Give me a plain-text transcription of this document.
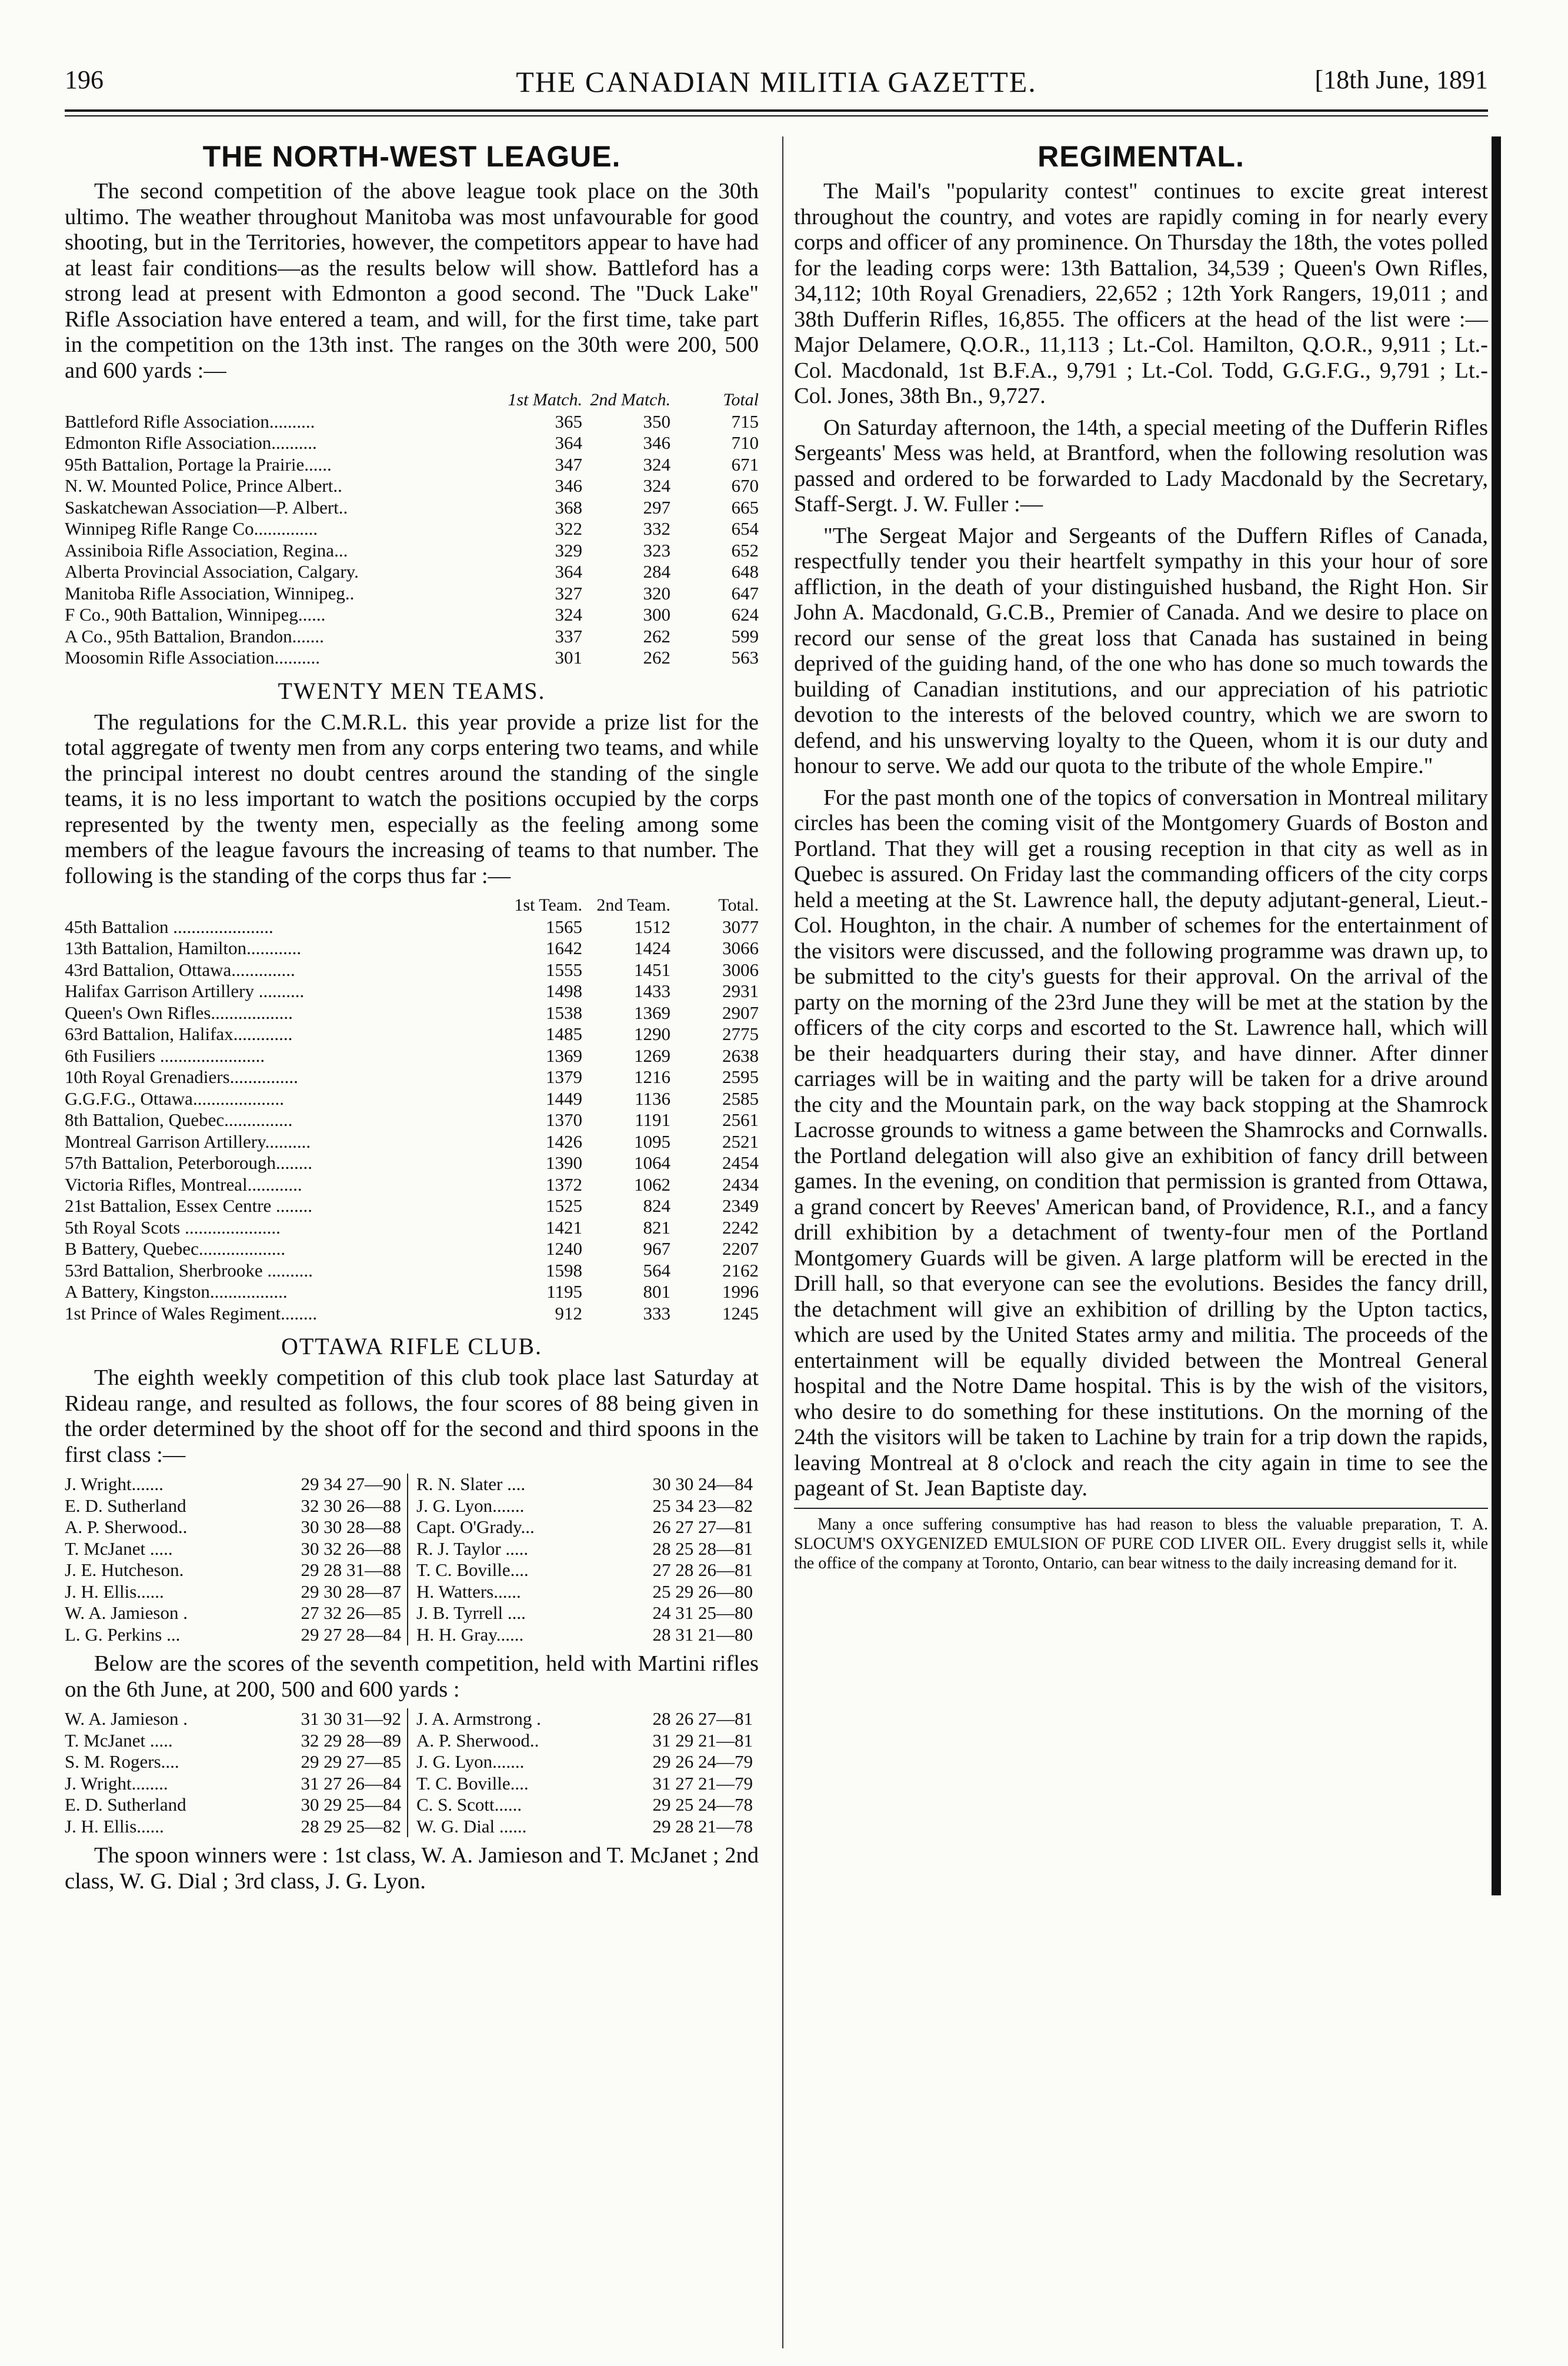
196	THE CANADIAN MILITIA GAZETTE.	[18th June, 1891
THE NORTH-WEST LEAGUE.

The second competition of the above league took place on the 30th ultimo. The weather throughout Manitoba was most unfavourable for good shooting, but in the Territories, however, the competitors appear to have had at least fair conditions—as the results below will show. Battleford has a strong lead at present with Edmonton a good second. The "Duck Lake" Rifle Association have entered a team, and will, for the first time, take part in the competition on the 13th inst. The ranges on the 30th were 200, 500 and 600 yards :—

	1st Match.	2nd Match.	Total
Battleford Rifle Association..........	365	350	715
Edmonton Rifle Association..........	364	346	710
95th Battalion, Portage la Prairie......	347	324	671
N. W. Mounted Police, Prince Albert..	346	324	670
Saskatchewan Association—P. Albert..	368	297	665
Winnipeg Rifle Range Co..............	322	332	654
Assiniboia Rifle Association, Regina...	329	323	652
Alberta Provincial Association, Calgary.	364	284	648
Manitoba Rifle Association, Winnipeg..	327	320	647
F Co., 90th Battalion, Winnipeg......	324	300	624
A Co., 95th Battalion, Brandon.......	337	262	599
Moosomin Rifle Association..........	301	262	563
TWENTY MEN TEAMS.

The regulations for the C.M.R.L. this year provide a prize list for the total aggregate of twenty men from any corps entering two teams, and while the principal interest no doubt centres around the standing of the single teams, it is no less important to watch the positions occupied by the corps represented by the twenty men, especially as the feeling among some members of the league favours the increasing of teams to that number. The following is the standing of the corps thus far :—

	1st Team.	2nd Team.	Total.
45th Battalion ......................	1565	1512	3077
13th Battalion, Hamilton............	1642	1424	3066
43rd Battalion, Ottawa..............	1555	1451	3006
Halifax Garrison Artillery ..........	1498	1433	2931
Queen's Own Rifles..................	1538	1369	2907
63rd Battalion, Halifax.............	1485	1290	2775
6th Fusiliers .......................	1369	1269	2638
10th Royal Grenadiers...............	1379	1216	2595
G.G.F.G., Ottawa....................	1449	1136	2585
8th Battalion, Quebec...............	1370	1191	2561
Montreal Garrison Artillery..........	1426	1095	2521
57th Battalion, Peterborough........	1390	1064	2454
Victoria Rifles, Montreal............	1372	1062	2434
21st Battalion, Essex Centre ........	1525	824	2349
5th Royal Scots .....................	1421	821	2242
B Battery, Quebec...................	1240	967	2207
53rd Battalion, Sherbrooke ..........	1598	564	2162
A Battery, Kingston.................	1195	801	1996
1st Prince of Wales Regiment........	912	333	1245
OTTAWA RIFLE CLUB.

The eighth weekly competition of this club took place last Saturday at Rideau range, and resulted as follows, the four scores of 88 being given in the order determined by the shoot off for the second and third spoons in the first class :—

J. Wright.......	29 34 27—90
E. D. Sutherland	32 30 26—88
A. P. Sherwood..	30 30 28—88
T. McJanet .....	30 32 26—88
J. E. Hutcheson.	29 28 31—88
J. H. Ellis......	29 30 28—87
W. A. Jamieson .	27 32 26—85
L. G. Perkins ...	29 27 28—84
R. N. Slater ....	30 30 24—84
J. G. Lyon.......	25 34 23—82
Capt. O'Grady...	26 27 27—81
R. J. Taylor .....	28 25 28—81
T. C. Boville....	27 28 26—81
H. Watters......	25 29 26—80
J. B. Tyrrell ....	24 31 25—80
H. H. Gray......	28 31 21—80

Below are the scores of the seventh competition, held with Martini rifles on the 6th June, at 200, 500 and 600 yards :

W. A. Jamieson .	31 30 31—92
T. McJanet .....	32 29 28—89
S. M. Rogers....	29 29 27—85
J. Wright........	31 27 26—84
E. D. Sutherland	30 29 25—84
J. H. Ellis......	28 29 25—82
J. A. Armstrong .	28 26 27—81
A. P. Sherwood..	31 29 21—81
J. G. Lyon.......	29 26 24—79
T. C. Boville....	31 27 21—79
C. S. Scott......	29 25 24—78
W. G. Dial ......	29 28 21—78

The spoon winners were : 1st class, W. A. Jamieson and T. McJanet ; 2nd class, W. G. Dial ; 3rd class, J. G. Lyon.

REGIMENTAL.

The Mail's "popularity contest" continues to excite great interest throughout the country, and votes are rapidly coming in for nearly every corps and officer of any prominence. On Thursday the 18th, the votes polled for the leading corps were: 13th Battalion, 34,539 ; Queen's Own Rifles, 34,112; 10th Royal Grenadiers, 22,652 ; 12th York Rangers, 19,011 ; and 38th Dufferin Rifles, 16,855. The officers at the head of the list were :—Major Delamere, Q.O.R., 11,113 ; Lt.-Col. Hamilton, Q.O.R., 9,911 ; Lt.-Col. Macdonald, 1st B.F.A., 9,791 ; Lt.-Col. Todd, G.G.F.G., 9,791 ; Lt.-Col. Jones, 38th Bn., 9,727.

On Saturday afternoon, the 14th, a special meeting of the Dufferin Rifles Sergeants' Mess was held, at Brantford, when the following resolution was passed and ordered to be forwarded to Lady Macdonald by the Secretary, Staff-Sergt. J. W. Fuller :—

"The Sergeat Major and Sergeants of the Duffern Rifles of Canada, respectfully tender you their heartfelt sympathy in this your hour of sore affliction, in the death of your distinguished husband, the Right Hon. Sir John A. Macdonald, G.C.B., Premier of Canada. And we desire to place on record our sense of the great loss that Canada has sustained in being deprived of the guiding hand, of the one who has done so much towards the building of Canadian institutions, and our appreciation of his patriotic devotion to the interests of the beloved country, which we are sworn to defend, and his unswerving loyalty to the Queen, whom it is our duty and honour to serve. We add our quota to the tribute of the whole Empire."

For the past month one of the topics of conversation in Montreal military circles has been the coming visit of the Montgomery Guards of Boston and Portland. That they will get a rousing reception in that city as well as in Quebec is assured. On Friday last the commanding officers of the city corps held a meeting at the St. Lawrence hall, the deputy adjutant-general, Lieut.-Col. Houghton, in the chair. A number of schemes for the entertainment of the visitors were discussed, and the following programme was drawn up, to be submitted to the city's guests for their approval. On the arrival of the party on the morning of the 23rd June they will be met at the station by the officers of the city corps and escorted to the St. Lawrence hall, which will be their headquarters during their stay, and have dinner. After dinner carriages will be in waiting and the party will be taken for a drive around the city and the Mountain park, on the way back stopping at the Shamrock Lacrosse grounds to witness a game between the Shamrocks and Cornwalls. the Portland delegation will also give an exhibition of fancy drill between games. In the evening, on condition that permission is granted from Ottawa, a grand concert by Reeves' American band, of Providence, R.I., and a fancy drill exhibition by a detachment of twenty-four men of the Portland Montgomery Guards will be given. A large platform will be erected in the Drill hall, so that everyone can see the evolutions. Besides the fancy drill, the detachment will give an exhibition of drilling by the Upton tactics, which are used by the United States army and militia. The proceeds of the entertainment will be equally divided between the Montreal General hospital and the Notre Dame hospital. This is by the wish of the visitors, who desire to do something for these institutions. On the morning of the 24th the visitors will be taken to Lachine by train for a trip down the rapids, leaving Montreal at 8 o'clock and reach the city again in time to see the pageant of St. Jean Baptiste day.

Many a once suffering consumptive has had reason to bless the valuable preparation, T. A. SLOCUM'S OXYGENIZED EMULSION OF PURE COD LIVER OIL. Every druggist sells it, while the office of the company at Toronto, Ontario, can bear witness to the daily increasing demand for it.
